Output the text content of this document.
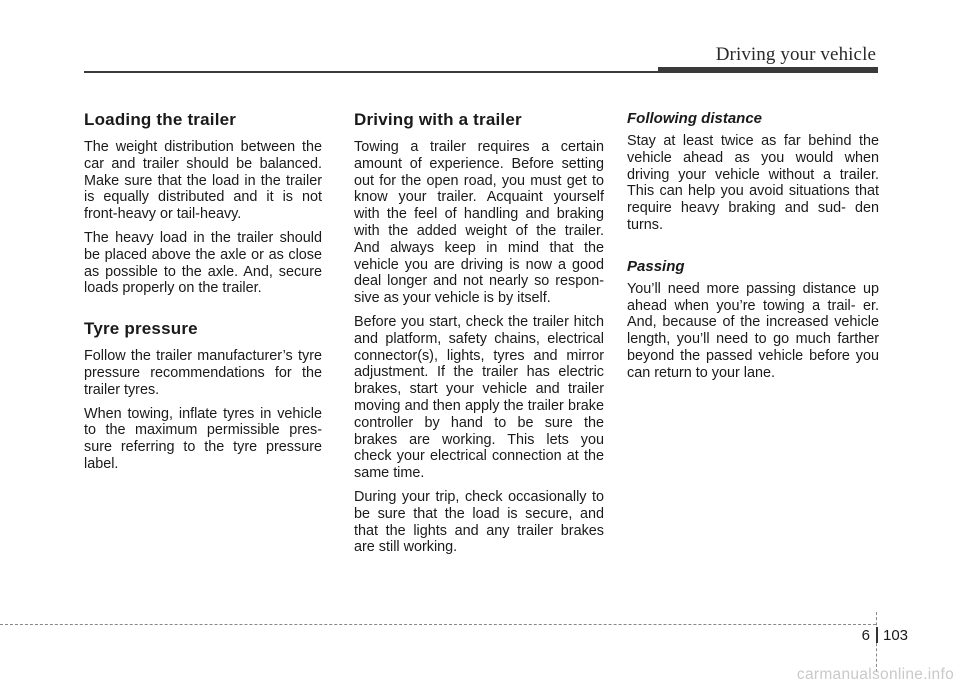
Driving your vehicle
Loading the trailer

The weight distribution between the car and trailer should be balanced. Make sure that the load in the trailer is equally distributed and it is not front-heavy or tail-heavy.

The heavy load in the trailer should be placed above the axle or as close as possible to the axle. And, secure loads properly on the trailer.

Tyre pressure

Follow the trailer manufacturer’s tyre pressure recommendations for the trailer tyres.

When towing, inflate tyres in vehicle to the maximum permissible pres- sure referring to the tyre pressure label.

Driving with a trailer

Towing a trailer requires a certain amount of experience. Before setting out for the open road, you must get to know your trailer. Acquaint yourself with the feel of handling and braking with the added weight of the trailer. And always keep in mind that the vehicle you are driving is now a good deal longer and not nearly so respon- sive as your vehicle is by itself.

Before you start, check the trailer hitch and platform, safety chains, electrical connector(s), lights, tyres and mirror adjustment. If the trailer has electric brakes, start your vehicle and trailer moving and then apply the trailer brake controller by hand to be sure the brakes are working. This lets you check your electrical connection at the same time.

During your trip, check occasionally to be sure that the load is secure, and that the lights and any trailer brakes are still working.

Following distance

Stay at least twice as far behind the vehicle ahead as you would when driving your vehicle without a trailer. This can help you avoid situations that require heavy braking and sud- den turns.

Passing

You’ll need more passing distance up ahead when you’re towing a trail- er. And, because of the increased vehicle length, you’ll need to go much farther beyond the passed vehicle before you can return to your lane.

6 103
carmanualsonline.info
